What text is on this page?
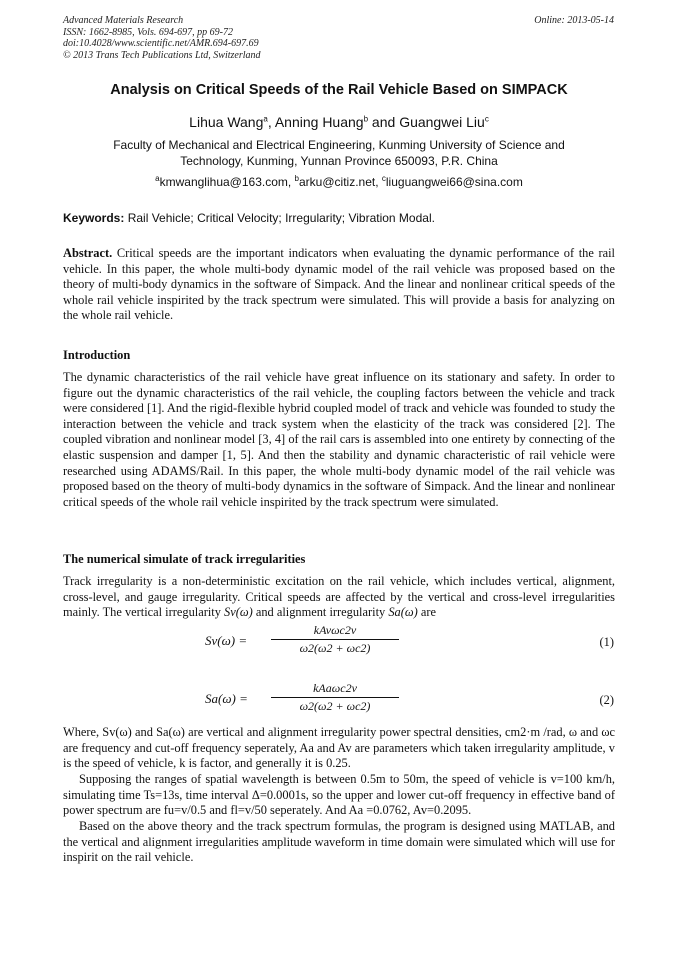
Advanced Materials Research
ISSN: 1662-8985, Vols. 694-697, pp 69-72
doi:10.4028/www.scientific.net/AMR.694-697.69
© 2013 Trans Tech Publications Ltd, Switzerland
Online: 2013-05-14
Analysis on Critical Speeds of the Rail Vehicle Based on SIMPACK
Lihua Wang$^a$, Anning Huang$^b$ and Guangwei Liu$^c$
Faculty of Mechanical and Electrical Engineering, Kunming University of Science and
Technology, Kunming, Yunnan Province 650093, P.R. China
$^a$kmwanglihua@163.com, $^b$arku@citiz.net, $^c$liuguangwei66@sina.com
Keywords: Rail Vehicle; Critical Velocity; Irregularity; Vibration Modal.
Abstract. Critical speeds are the important indicators when evaluating the dynamic performance of the rail vehicle. In this paper, the whole multi-body dynamic model of the rail vehicle was proposed based on the theory of multi-body dynamics in the software of Simpack. And the linear and nonlinear critical speeds of the whole rail vehicle inspirited by the track spectrum were simulated. This will provide a basis for analyzing on the whole rail vehicle.
Introduction
The dynamic characteristics of the rail vehicle have great influence on its stationary and safety. In order to figure out the dynamic characteristics of the rail vehicle, the coupling factors between the vehicle and track were considered [1]. And the rigid-flexible hybrid coupled model of track and vehicle was founded to study the interaction between the vehicle and track system when the elasticity of the track was considered [2]. The coupled vibration and nonlinear model [3, 4] of the rail cars is assembled into one entirety by connecting of the elastic suspension and damper [1, 5]. And then the stability and dynamic characteristic of rail vehicle were researched using ADAMS/Rail. In this paper, the whole multi-body dynamic model of the rail vehicle was proposed based on the theory of multi-body dynamics in the software of Simpack. And the linear and nonlinear critical speeds of the whole rail vehicle inspirited by the track spectrum were simulated.
The numerical simulate of track irregularities
Track irregularity is a non-deterministic excitation on the rail vehicle, which includes vertical, alignment, cross-level, and gauge irregularity. Critical speeds are affected by the vertical and cross-level irregularities mainly. The vertical irregularity Sv(ω) and alignment irregularity Sa(ω) are
Sv(ω) =
kAvωc2v
ω2(ω2 + ωc2)	(1)
Sa(ω) =
kAaωc2v
ω2(ω2 + ωc2)	(2)
Where, Sv(ω) and Sa(ω) are vertical and alignment irregularity power spectral densities, cm2·m /rad, ω and ωc are frequency and cut-off frequency seperately, Aa and Av are parameters which taken irregularity amplitude, v is the speed of vehicle, k is factor, and generally it is 0.25.
Supposing the ranges of spatial wavelength is between 0.5m to 50m, the speed of vehicle is v=100 km/h, simulating time Ts=13s, time interval Δ=0.0001s, so the upper and lower cut-off frequency in effective band of power spectrum are fu=v/0.5 and fl=v/50 seperately. And Aa =0.0762, Av=0.2095.
Based on the above theory and the track spectrum formulas, the program is designed using MATLAB, and the vertical and alignment irregularities amplitude waveform in time domain were simulated which will use for inspirit on the rail vehicle.
